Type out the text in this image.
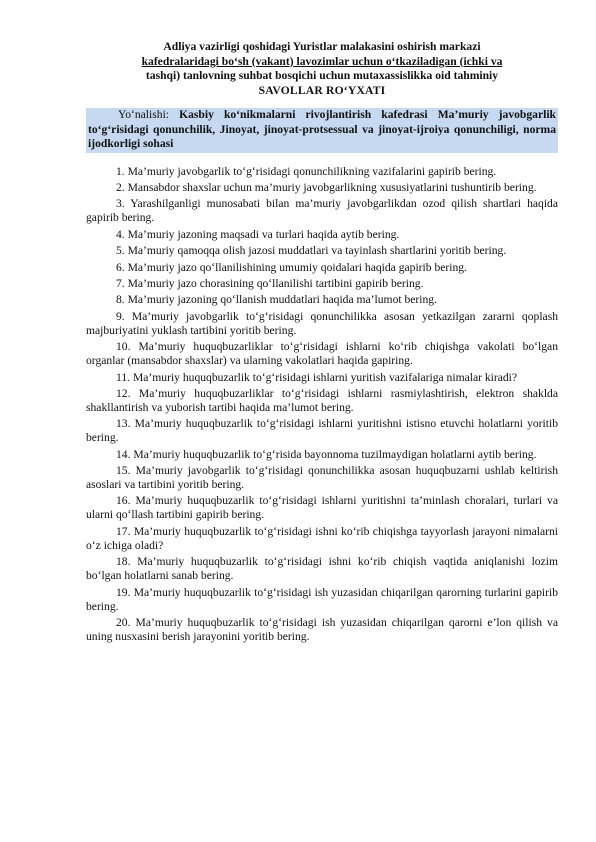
Adliya vazirligi qoshidagi Yuristlar malakasini oshirish markazi
kafedralaridagi bo‘sh (vakant) lavozimlar uchun o‘tkaziladigan (ichki va
tashqi) tanlovning suhbat bosqichi uchun mutaxassislikka oid tahminiy
SAVOLLAR RO‘YXATI
Yo‘nalishi: Kasbiy ko‘nikmalarni rivojlantirish kafedrasi Ma’muriy javobgarlik to‘g‘risidagi qonunchilik, Jinoyat, jinoyat-protsessual va jinoyat-ijroiya qonunchiligi, norma ijodkorligi sohasi

1. Ma’muriy javobgarlik to‘g‘risidagi qonunchilikning vazifalarini gapirib bering.

2. Mansabdor shaxslar uchun ma’muriy javobgarlikning xususiyatlarini tushuntirib bering.

3. Yarashilganligi munosabati bilan ma’muriy javobgarlikdan ozod qilish shartlari haqida gapirib bering.

4. Ma’muriy jazoning maqsadi va turlari haqida aytib bering.

5. Ma’muriy qamoqqa olish jazosi muddatlari va tayinlash shartlarini yoritib bering.

6. Ma’muriy jazo qo‘llanilishining umumiy qoidalari haqida gapirib bering.

7. Ma’muriy jazo chorasining qo‘llanilishi tartibini gapirib bering.

8. Ma’muriy jazoning qo‘llanish muddatlari haqida ma’lumot bering.

9. Ma’muriy javobgarlik to‘g‘risidagi qonunchilikka asosan yetkazilgan zararni qoplash majburiyatini yuklash tartibini yoritib bering.

10. Ma’muriy huquqbuzarliklar to‘g‘risidagi ishlarni ko‘rib chiqishga vakolati bo‘lgan organlar (mansabdor shaxslar) va ularning vakolatlari haqida gapiring.

11. Ma’muriy huquqbuzarlik to‘g‘risidagi ishlarni yuritish vazifalariga nimalar kiradi?

12. Ma’muriy huquqbuzarliklar to‘g‘risidagi ishlarni rasmiylashtirish, elektron shaklda shakllantirish va yuborish tartibi haqida ma’lumot bering.

13. Ma’muriy huquqbuzarlik to‘g‘risidagi ishlarni yuritishni istisno etuvchi holatlarni yoritib bering.

14. Ma’muriy huquqbuzarlik to‘g‘risida bayonnoma tuzilmaydigan holatlarni aytib bering.

15. Ma’muriy javobgarlik to‘g‘risidagi qonunchilikka asosan huquqbuzarni ushlab keltirish asoslari va tartibini yoritib bering.

16. Ma’muriy huquqbuzarlik to‘g‘risidagi ishlarni yuritishni ta’minlash choralari, turlari va ularni qo‘llash tartibini gapirib bering.

17. Ma’muriy huquqbuzarlik to‘g‘risidagi ishni ko‘rib chiqishga tayyorlash jarayoni nimalarni o‘z ichiga oladi?

18. Ma’muriy huquqbuzarlik to‘g‘risidagi ishni ko‘rib chiqish vaqtida aniqlanishi lozim bo‘lgan holatlarni sanab bering.

19. Ma’muriy huquqbuzarlik to‘g‘risidagi ish yuzasidan chiqarilgan qarorning turlarini gapirib bering.

20. Ma’muriy huquqbuzarlik to‘g‘risidagi ish yuzasidan chiqarilgan qarorni e’lon qilish va uning nusxasini berish jarayonini yoritib bering.
